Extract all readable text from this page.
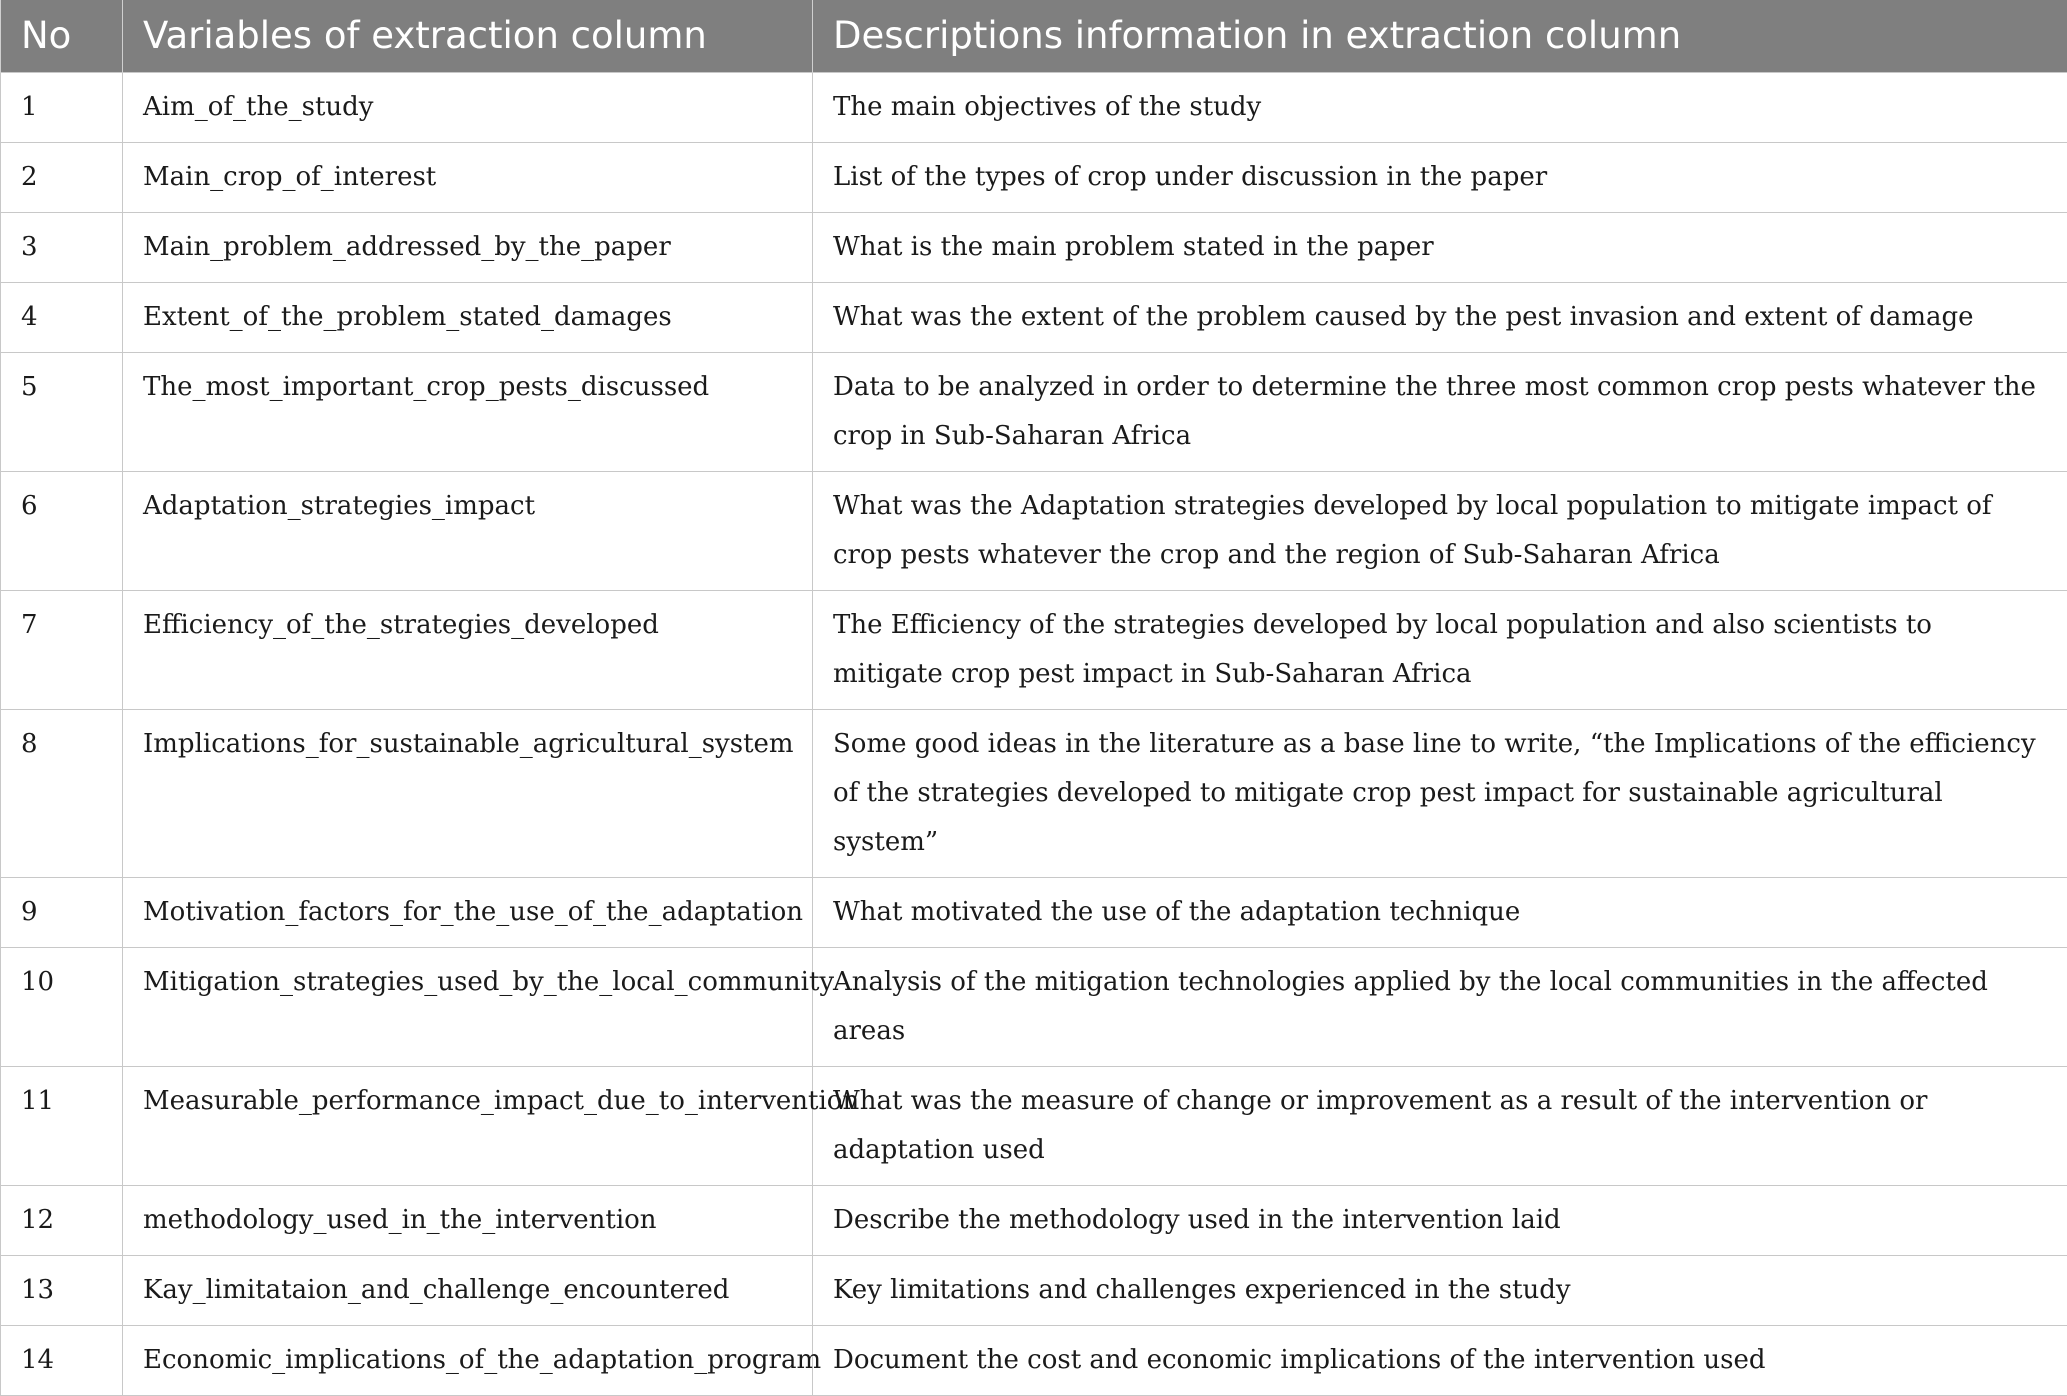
No	Variables of extraction column	Descriptions information in extraction column
1	Aim_of_the_study	The main objectives of the study
2	Main_crop_of_interest	List of the types of crop under discussion in the paper
3	Main_problem_addressed_by_the_paper	What is the main problem stated in the paper
4	Extent_of_the_problem_stated_damages	What was the extent of the problem caused by the pest invasion and extent of damage
5	The_most_important_crop_pests_discussed	Data to be analyzed in order to determine the three most common crop pests whatever the crop in Sub-Saharan Africa
6	Adaptation_strategies_impact	What was the Adaptation strategies developed by local population to mitigate impact of crop pests whatever the crop and the region of Sub-Saharan Africa
7	Efficiency_of_the_strategies_developed	The Efficiency of the strategies developed by local population and also scientists to mitigate crop pest impact in Sub-Saharan Africa
8	Implications_for_sustainable_agricultural_system	Some good ideas in the literature as a base line to write, “the Implications of the efficiency of the strategies developed to mitigate crop pest impact for sustainable agricultural system”
9	Motivation_factors_for_the_use_of_the_adaptation	What motivated the use of the adaptation technique
10	Mitigation_strategies_used_by_the_local_community	Analysis of the mitigation technologies applied by the local communities in the affected areas
11	Measurable_performance_impact_due_to_intervention	What was the measure of change or improvement as a result of the intervention or adaptation used
12	methodology_used_in_the_intervention	Describe the methodology used in the intervention laid
13	Kay_limitataion_and_challenge_encountered	Key limitations and challenges experienced in the study
14	Economic_implications_of_the_adaptation_program	Document the cost and economic implications of the intervention used
